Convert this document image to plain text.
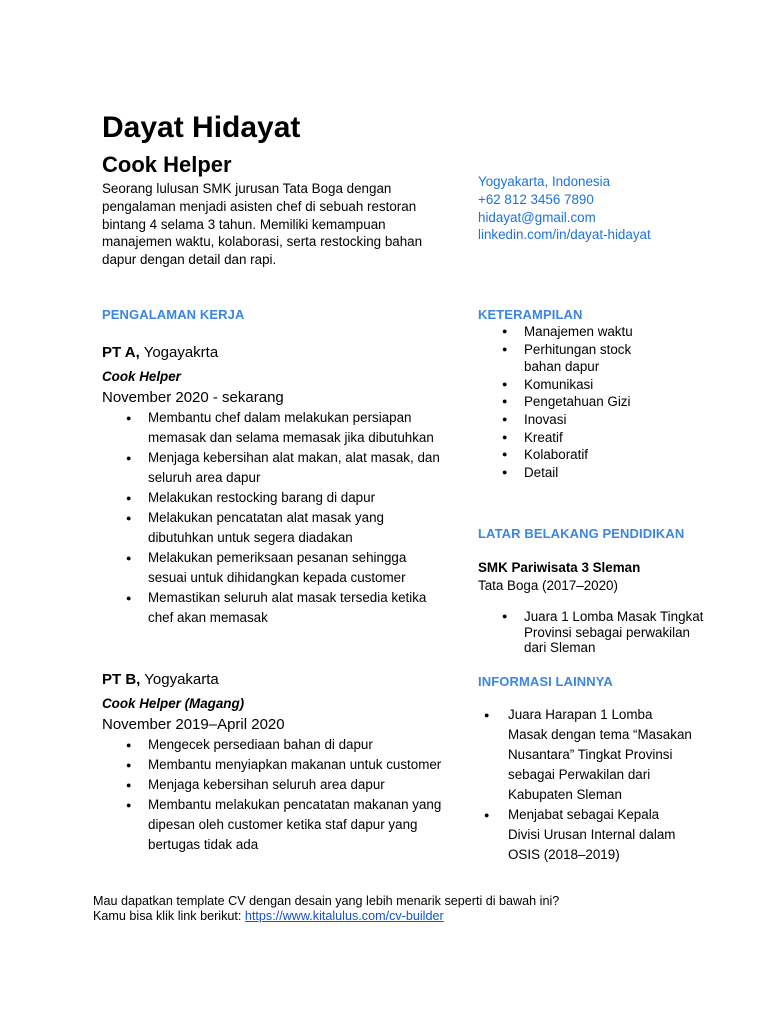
Dayat Hidayat
Cook Helper
Seorang lulusan SMK jurusan Tata Boga dengan pengalaman menjadi asisten chef di sebuah restoran bintang 4 selama 3 tahun. Memiliki kemampuan manajemen waktu, kolaborasi, serta restocking bahan dapur dengan detail dan rapi.
Yogyakarta, Indonesia
+62 812 3456 7890
hidayat@gmail.com
linkedin.com/in/dayat-hidayat
PENGALAMAN KERJA
PT A, Yogayakrta
Cook Helper
November 2020 - sekarang
● Membantu chef dalam melakukan persiapan memasak dan selama memasak jika dibutuhkan
● Menjaga kebersihan alat makan, alat masak, dan seluruh area dapur
● Melakukan restocking barang di dapur
● Melakukan pencatatan alat masak yang dibutuhkan untuk segera diadakan
● Melakukan pemeriksaan pesanan sehingga sesuai untuk dihidangkan kepada customer
● Memastikan seluruh alat masak tersedia ketika chef akan memasak
PT B, Yogyakarta
Cook Helper (Magang)
November 2019–April 2020
● Mengecek persediaan bahan di dapur
● Membantu menyiapkan makanan untuk customer
● Menjaga kebersihan seluruh area dapur
● Membantu melakukan pencatatan makanan yang dipesan oleh customer ketika staf dapur yang bertugas tidak ada
KETERAMPILAN
● Manajemen waktu
● Perhitungan stock bahan dapur
● Komunikasi
● Pengetahuan Gizi
● Inovasi
● Kreatif
● Kolaboratif
● Detail
LATAR BELAKANG PENDIDIKAN
SMK Pariwisata 3 Sleman
Tata Boga (2017–2020)
● Juara 1 Lomba Masak Tingkat Provinsi sebagai perwakilan dari Sleman
INFORMASI LAINNYA
● Juara Harapan 1 Lomba Masak dengan tema “Masakan Nusantara” Tingkat Provinsi sebagai Perwakilan dari Kabupaten Sleman
● Menjabat sebagai Kepala Divisi Urusan Internal dalam OSIS (2018–2019)
Mau dapatkan template CV dengan desain yang lebih menarik seperti di bawah ini?
Kamu bisa klik link berikut: https://www.kitalulus.com/cv-builder
